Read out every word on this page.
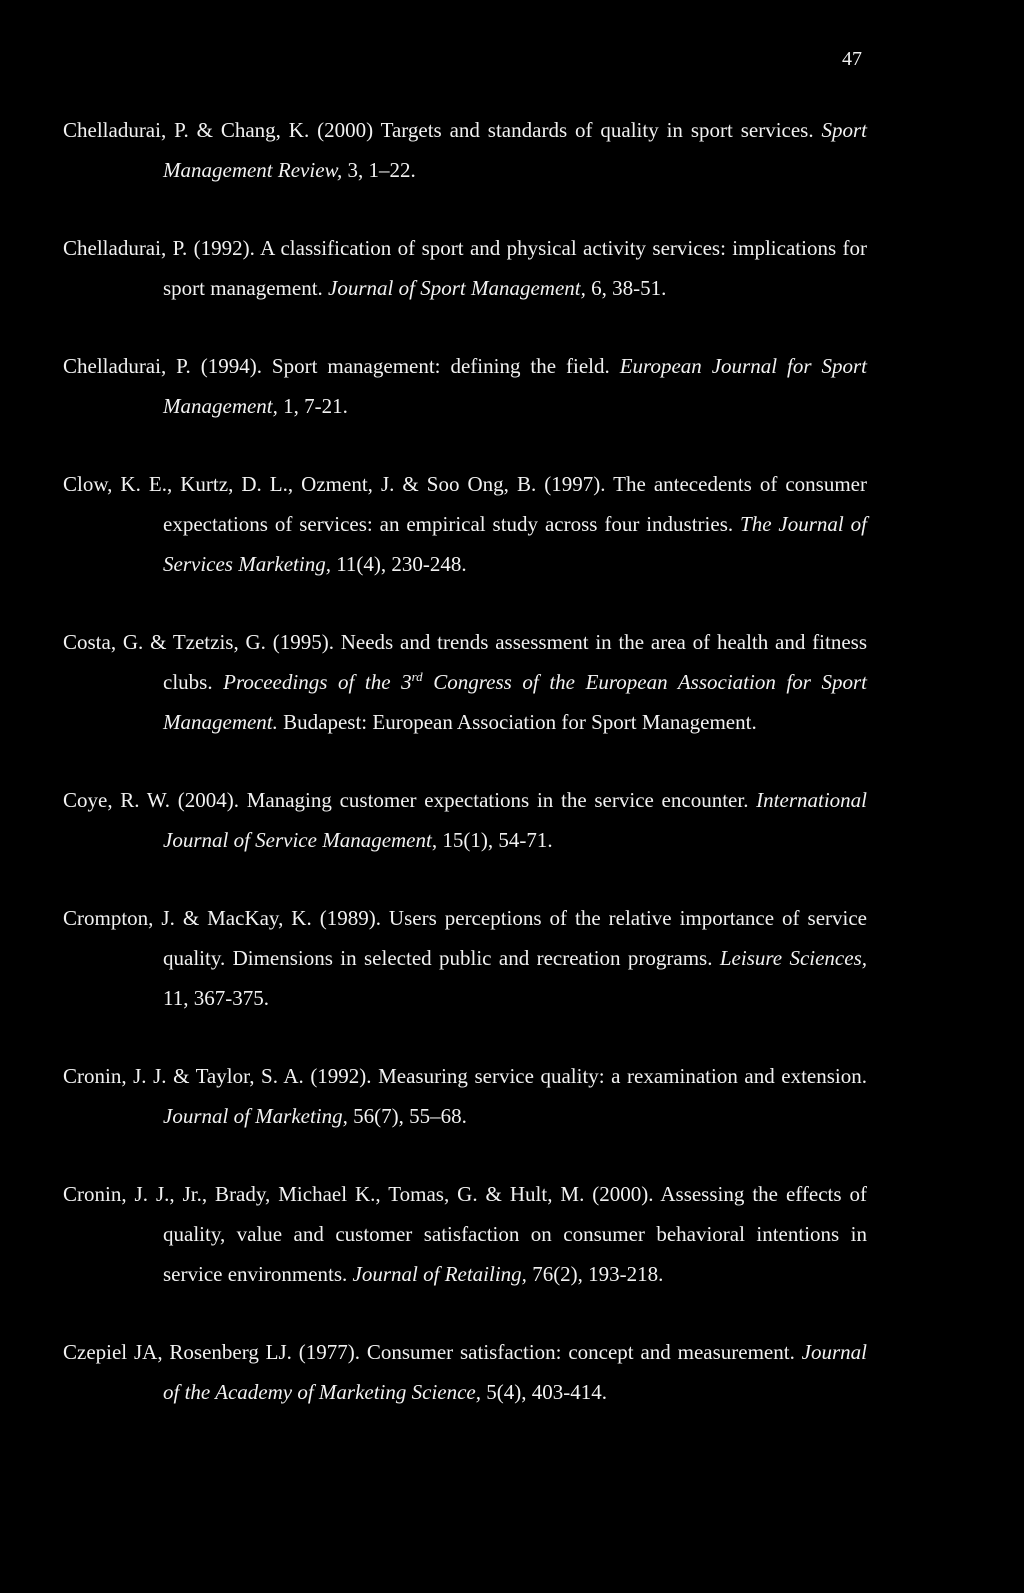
47

Chelladurai, P. & Chang, K. (2000) Targets and standards of quality in sport services. Sport Management Review, 3, 1–22.

Chelladurai, P. (1992). A classification of sport and physical activity services: implications for sport management. Journal of Sport Management, 6, 38-51.

Chelladurai, P. (1994). Sport management: defining the field. European Journal for Sport Management, 1, 7-21.

Clow, K. E., Kurtz, D. L., Ozment, J. & Soo Ong, B. (1997). The antecedents of consumer expectations of services: an empirical study across four industries. The Journal of Services Marketing, 11(4), 230-248.

Costa, G. & Tzetzis, G. (1995). Needs and trends assessment in the area of health and fitness clubs. Proceedings of the 3rd Congress of the European Association for Sport Management. Budapest: European Association for Sport Management.

Coye, R. W. (2004). Managing customer expectations in the service encounter. International Journal of Service Management, 15(1), 54-71.

Crompton, J. & MacKay, K. (1989). Users perceptions of the relative importance of service quality. Dimensions in selected public and recreation programs. Leisure Sciences, 11, 367-375.

Cronin, J. J. & Taylor, S. A. (1992). Measuring service quality: a rexamination and extension. Journal of Marketing, 56(7), 55–68.

Cronin, J. J., Jr., Brady, Michael K., Tomas, G. & Hult, M. (2000). Assessing the effects of quality, value and customer satisfaction on consumer behavioral intentions in service environments. Journal of Retailing, 76(2), 193-218.

Czepiel JA, Rosenberg LJ. (1977). Consumer satisfaction: concept and measurement. Journal of the Academy of Marketing Science, 5(4), 403-414.
